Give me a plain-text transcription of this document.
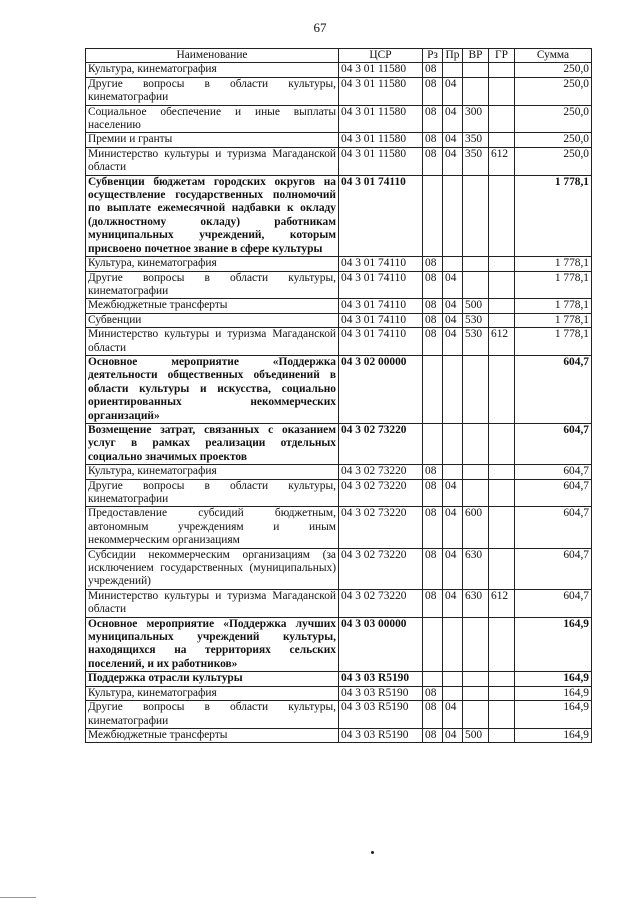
67
Наименование	ЦСР	Рз	Пр	ВР	ГР	Сумма
Культура, кинематография	04 3 01 11580	08				250,0
Другие вопросы в области культуры, кинематографии	04 3 01 11580	08	04			250,0
Социальное обеспечение и иные выплаты населению	04 3 01 11580	08	04	300		250,0
Премии и гранты	04 3 01 11580	08	04	350		250,0
Министерство культуры и туризма Магаданской области	04 3 01 11580	08	04	350	612	250,0
Субвенции бюджетам городских округов на осуществление государственных полномочий по выплате ежемесячной надбавки к окладу (должностному окладу) работникам муниципальных учреждений, которым присвоено почетное звание в сфере культуры	04 3 01 74110					1 778,1
Культура, кинематография	04 3 01 74110	08				1 778,1
Другие вопросы в области культуры, кинематографии	04 3 01 74110	08	04			1 778,1
Межбюджетные трансферты	04 3 01 74110	08	04	500		1 778,1
Субвенции	04 3 01 74110	08	04	530		1 778,1
Министерство культуры и туризма Магаданской области	04 3 01 74110	08	04	530	612	1 778,1
Основное мероприятие «Поддержка деятельности общественных объединений в области культуры и искусства, социально ориентированных некоммерческих организаций»	04 3 02 00000					604,7
Возмещение затрат, связанных с оказанием услуг в рамках реализации отдельных социально значимых проектов	04 3 02 73220					604,7
Культура, кинематография	04 3 02 73220	08				604,7
Другие вопросы в области культуры, кинематографии	04 3 02 73220	08	04			604,7
Предоставление субсидий бюджетным, автономным учреждениям и иным некоммерческим организациям	04 3 02 73220	08	04	600		604,7
Субсидии некоммерческим организациям (за исключением государственных (муниципальных) учреждений)	04 3 02 73220	08	04	630		604,7
Министерство культуры и туризма Магаданской области	04 3 02 73220	08	04	630	612	604,7
Основное мероприятие «Поддержка лучших муниципальных учреждений культуры, находящихся на территориях сельских поселений, и их работников»	04 3 03 00000					164,9
Поддержка отрасли культуры	04 3 03 R5190					164,9
Культура, кинематография	04 3 03 R5190	08				164,9
Другие вопросы в области культуры, кинематографии	04 3 03 R5190	08	04			164,9
Межбюджетные трансферты	04 3 03 R5190	08	04	500		164,9
